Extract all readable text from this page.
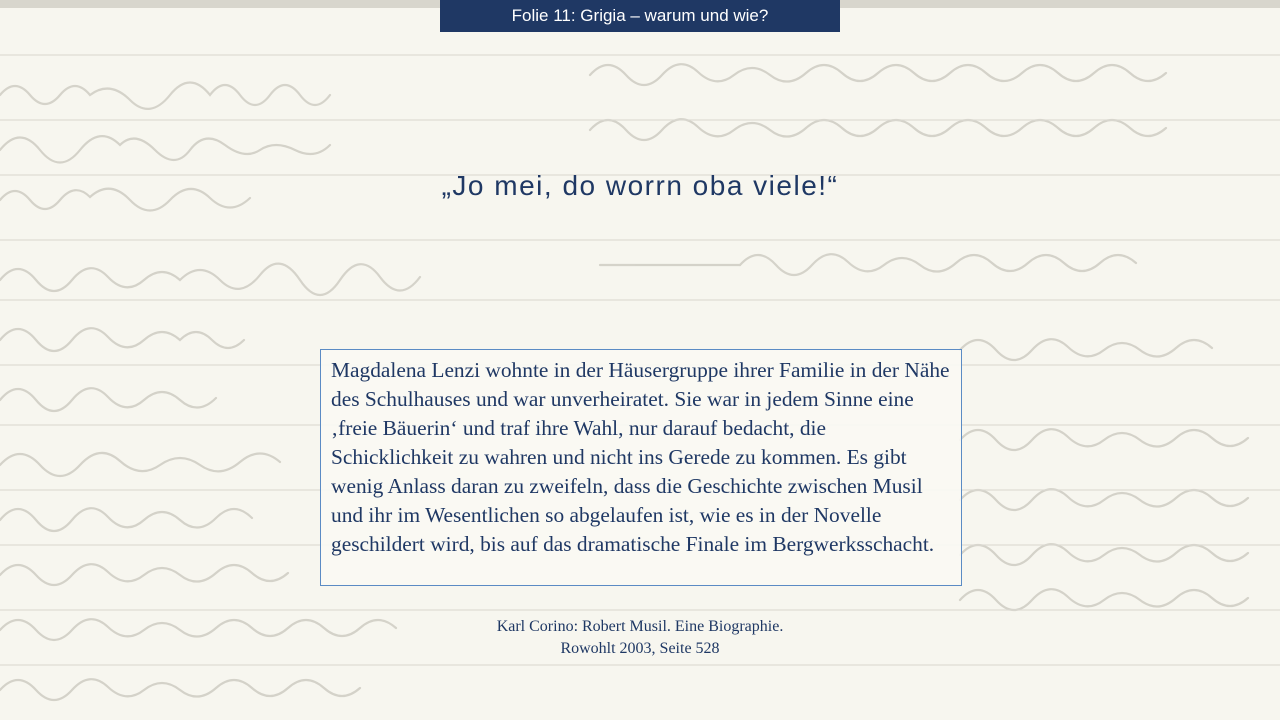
Folie 11: Grigia – warum und wie?
„Jo mei, do worrn oba viele!“
Magdalena Lenzi wohnte in der Häusergruppe ihrer Familie in der Nähe des Schulhauses und war unverheiratet. Sie war in jedem Sinne eine ‚freie Bäuerin‘ und traf ihre Wahl, nur darauf bedacht, die Schicklichkeit zu wahren und nicht ins Gerede zu kommen. Es gibt wenig Anlass daran zu zweifeln, dass die Geschichte zwischen Musil und ihr im Wesentlichen so abgelaufen ist, wie es in der Novelle geschildert wird, bis auf das dramatische Finale im Bergwerksschacht.
Karl Corino: Robert Musil. Eine Biographie.
Rowohlt 2003, Seite 528
